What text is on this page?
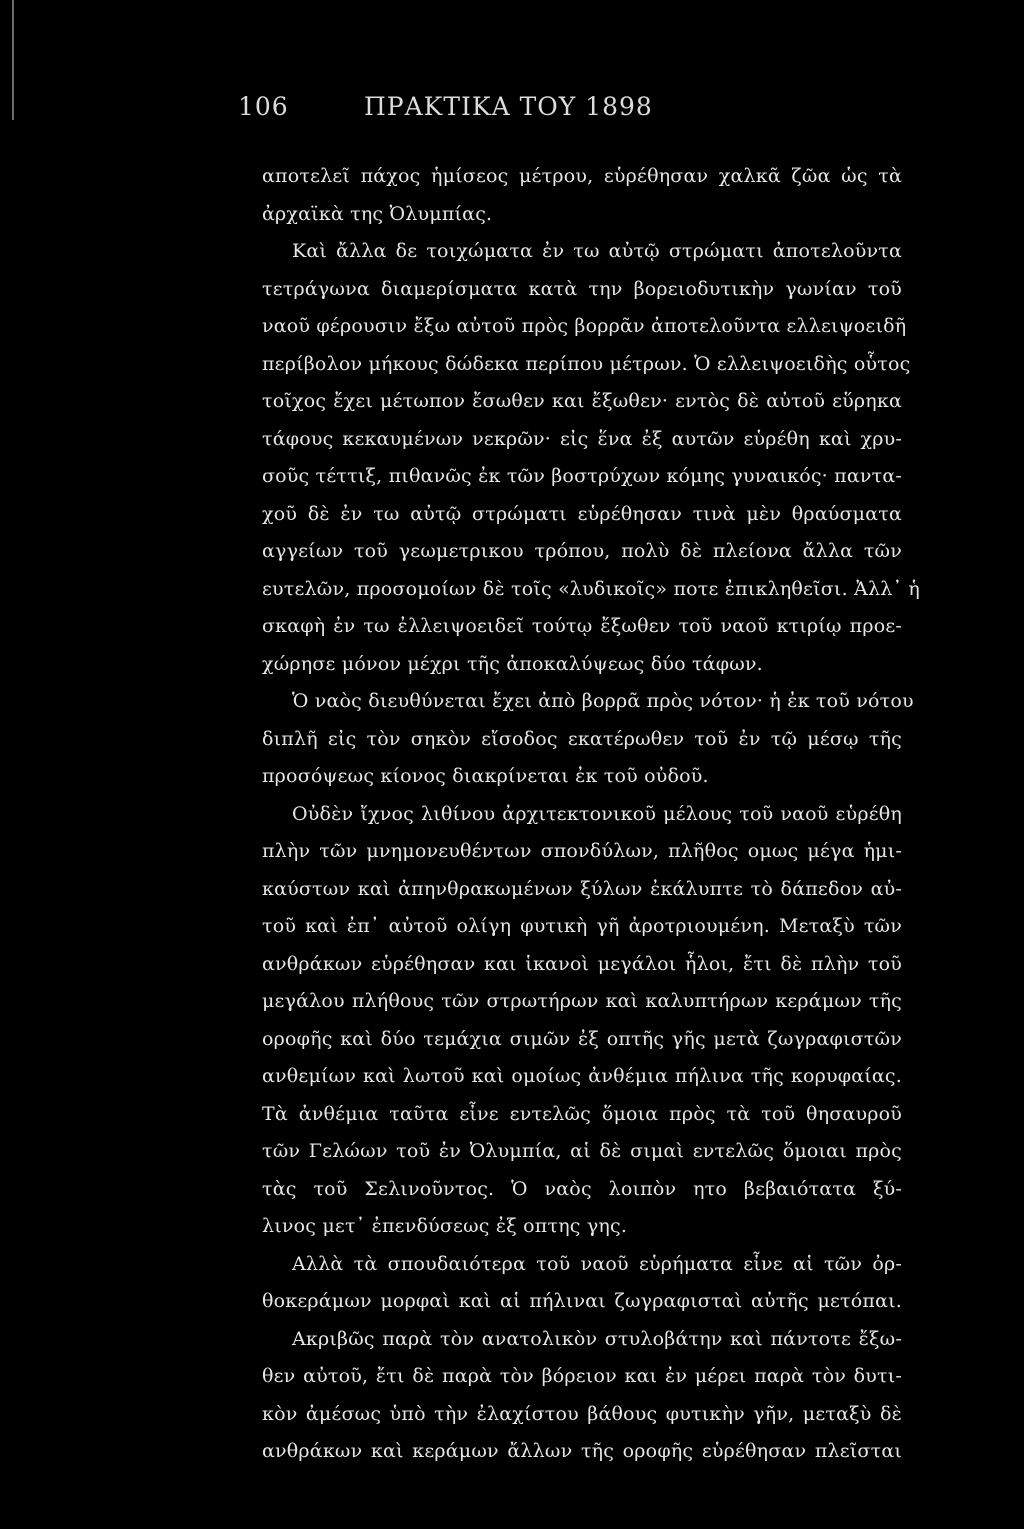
106	ΠΡΑΚΤΙΚΑ ΤΟΥ 1898
αποτελεῖ πάχος ἡμίσεος μέτρου, εὑρέθησαν χαλκᾶ ζῶα ὡς τὰ
ἀρχαϊκὰ της Ὀλυμπίας.
Καὶ ἄλλα δε τοιχώματα ἐν τω αὐτῷ στρώματι ἀποτελοῦντα
τετράγωνα διαμερίσματα κατὰ την βορειοδυτικὴν γωνίαν τοῦ
ναοῦ φέρουσιν ἔξω αὐτοῦ πρὸς βορρᾶν ἀποτελοῦντα ελλειψοειδῆ
περίβολον μήκους δώδεκα περίπου μέτρων. Ὁ ελλειψοειδὴς οὗτος
τοῖχος ἔχει μέτωπον ἔσωθεν και ἔξωθεν· εντὸς δὲ αὐτοῦ εὕρηκα
τάφους κεκαυμένων νεκρῶν· εἰς ἕνα ἐξ αυτῶν εὑρέθη καὶ χρυ-
σοῦς τέττιξ, πιθανῶς ἐκ τῶν βοστρύχων κόμης γυναικός· παντα-
χοῦ δὲ ἐν τω αὐτῷ στρώματι εὑρέθησαν τινὰ μὲν θραύσματα
αγγείων τοῦ γεωμετρικου τρόπου, πολὺ δὲ πλείονα ἄλλα τῶν
ευτελῶν, προσομοίων δὲ τοῖς «λυδικοῖς» ποτε ἐπικληθεῖσι. Ἀλλ᾽ ἡ
σκαφὴ ἐν τω ἐλλειψοειδεῖ τούτῳ ἔξωθεν τοῦ ναοῦ κτιρίῳ προε-
χώρησε μόνον μέχρι τῆς ἀποκαλύψεως δύο τάφων.
Ὁ ναὸς διευθύνεται ἔχει ἀπὸ βορρᾶ πρὸς νότον· ἡ ἐκ τοῦ νότου
διπλῆ εἰς τὸν σηκὸν εἴσοδος εκατέρωθεν τοῦ ἐν τῷ μέσῳ τῆς
προσόψεως κίονος διακρίνεται ἐκ τοῦ οὐδοῦ.
Οὐδὲν ἴχνος λιθίνου ἀρχιτεκτονικοῦ μέλους τοῦ ναοῦ εὑρέθη
πλὴν τῶν μνημονευθέντων σπονδύλων, πλῆθος ομως μέγα ἡμι-
καύστων καὶ ἀπηνθρακωμένων ξύλων ἐκάλυπτε τὸ δάπεδον αὐ-
τοῦ καὶ ἐπ᾽ αὐτοῦ ολίγη φυτικὴ γῆ ἀροτριουμένη. Μεταξὺ τῶν
ανθράκων εὑρέθησαν και ἱκανοὶ μεγάλοι ἧλοι, ἔτι δὲ πλὴν τοῦ
μεγάλου πλήθους τῶν στρωτήρων καὶ καλυπτήρων κεράμων τῆς
οροφῆς καὶ δύο τεμάχια σιμῶν ἐξ οπτῆς γῆς μετὰ ζωγραφιστῶν
ανθεμίων καὶ λωτοῦ καὶ ομοίως ἀνθέμια πήλινα τῆς κορυφαίας.
Τὰ ἀνθέμια ταῦτα εἶνε εντελῶς ὅμοια πρὸς τὰ τοῦ θησαυροῦ
τῶν Γελώων τοῦ ἐν Ὀλυμπία, αἱ δὲ σιμαὶ εντελῶς ὅμοιαι πρὸς
τὰς τοῦ Σελινοῦντος. Ὁ ναὸς λοιπὸν ητο βεβαιότατα ξύ-
λινος μετ᾽ ἐπενδύσεως ἐξ οπτης γης.
Αλλὰ τὰ σπουδαιότερα τοῦ ναοῦ εὑρήματα εἶνε αἱ τῶν ὀρ-
θοκεράμων μορφαὶ καὶ αἱ πήλιναι ζωγραφισταὶ αὐτῆς μετόπαι.
Ακριβῶς παρὰ τὸν ανατολικὸν στυλοβάτην καὶ πάντοτε ἔξω-
θεν αὐτοῦ, ἔτι δὲ παρὰ τὸν βόρειον και ἐν μέρει παρὰ τὸν δυτι-
κὸν ἀμέσως ὑπὸ τὴν ἐλαχίστου βάθους φυτικὴν γῆν, μεταξὺ δὲ
ανθράκων καὶ κεράμων ἄλλων τῆς οροφῆς εὑρέθησαν πλεῖσται
